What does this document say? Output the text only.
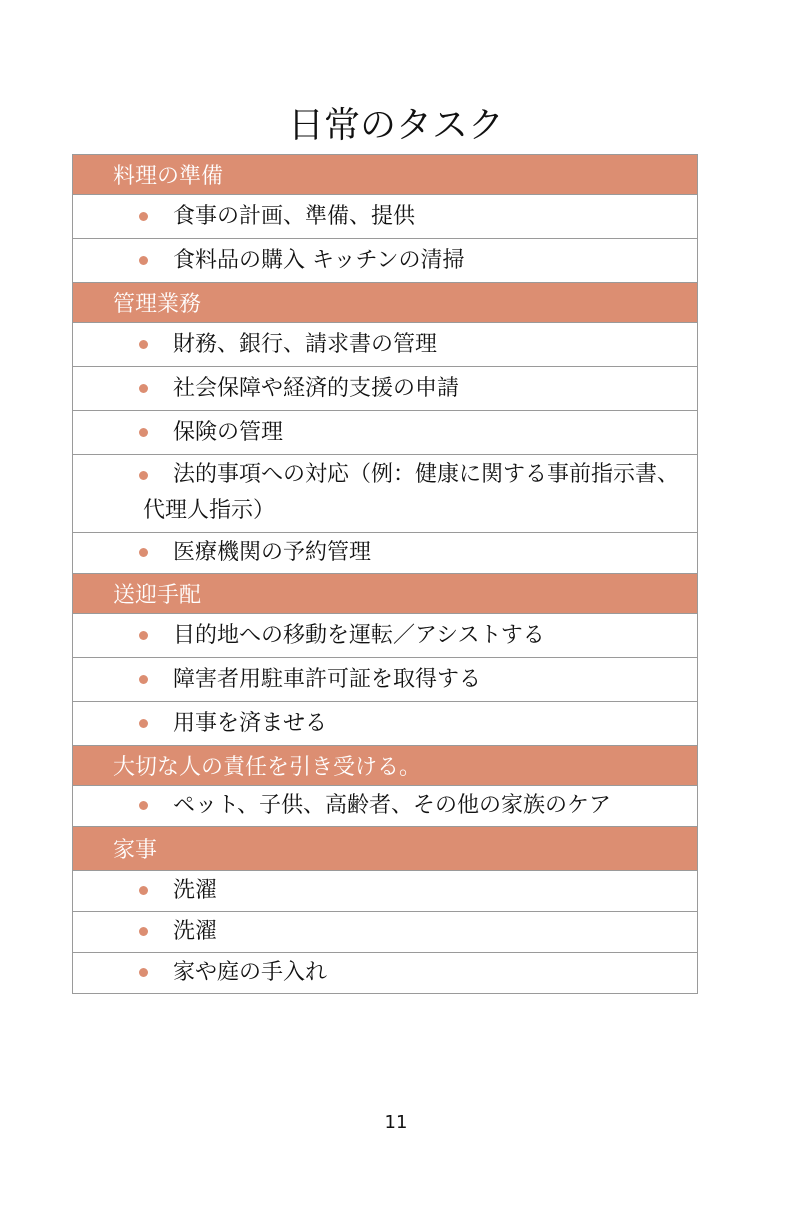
日常のタスク
料理の準備

食事の計画、準備、提供

食料品の購入 キッチンの清掃
管理業務

財務、銀行、請求書の管理

社会保障や経済的支援の申請

保険の管理

法的事項への対応（例：健康に関する事前指示書、代理人指示）

医療機関の予約管理
送迎手配

目的地への移動を運転／アシストする

障害者用駐車許可証を取得する

用事を済ませる
大切な人の責任を引き受ける。

ペット、子供、高齢者、その他の家族のケア
家事

洗濯

洗濯

家や庭の手入れ
11
